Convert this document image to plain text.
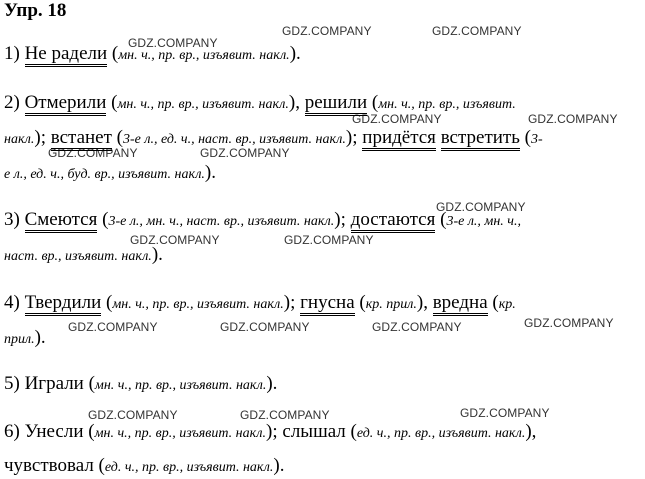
Упр. 18
GDZ.COMPANY	GDZ.COMPANY
GDZ.COMPANY
GDZ.COMPANY	GDZ.COMPANY
GDZ.COMPANY	GDZ.COMPANY
GDZ.COMPANY
GDZ.COMPANY	GDZ.COMPANY
GDZ.COMPANY	GDZ.COMPANY	GDZ.COMPANY	GDZ.COMPANY
GDZ.COMPANY	GDZ.COMPANY	GDZ.COMPANY
1) Не радели (мн. ч., пр. вр., изъявит. накл.).
2) Отмерили (мн. ч., пр. вр., изъявит. накл.), решили (мн. ч., пр. вр., изъявит.
накл.); встанет (3-е л., ед. ч., наст. вр., изъявит. накл.); придётся встретить (3-
е л., ед. ч., буд. вр., изъявит. накл.).
3) Смеются (3-е л., мн. ч., наст. вр., изъявит. накл.); достаются (3-е л., мн. ч.,
наст. вр., изъявит. накл.).
4) Твердили (мн. ч., пр. вр., изъявит. накл.); гнусна (кр. прил.), вредна (кр.
прил.).
5) Играли (мн. ч., пр. вр., изъявит. накл.).
6) Унесли (мн. ч., пр. вр., изъявит. накл.); слышал (ед. ч., пр. вр., изъявит. накл.),
чувствовал (ед. ч., пр. вр., изъявит. накл.).
